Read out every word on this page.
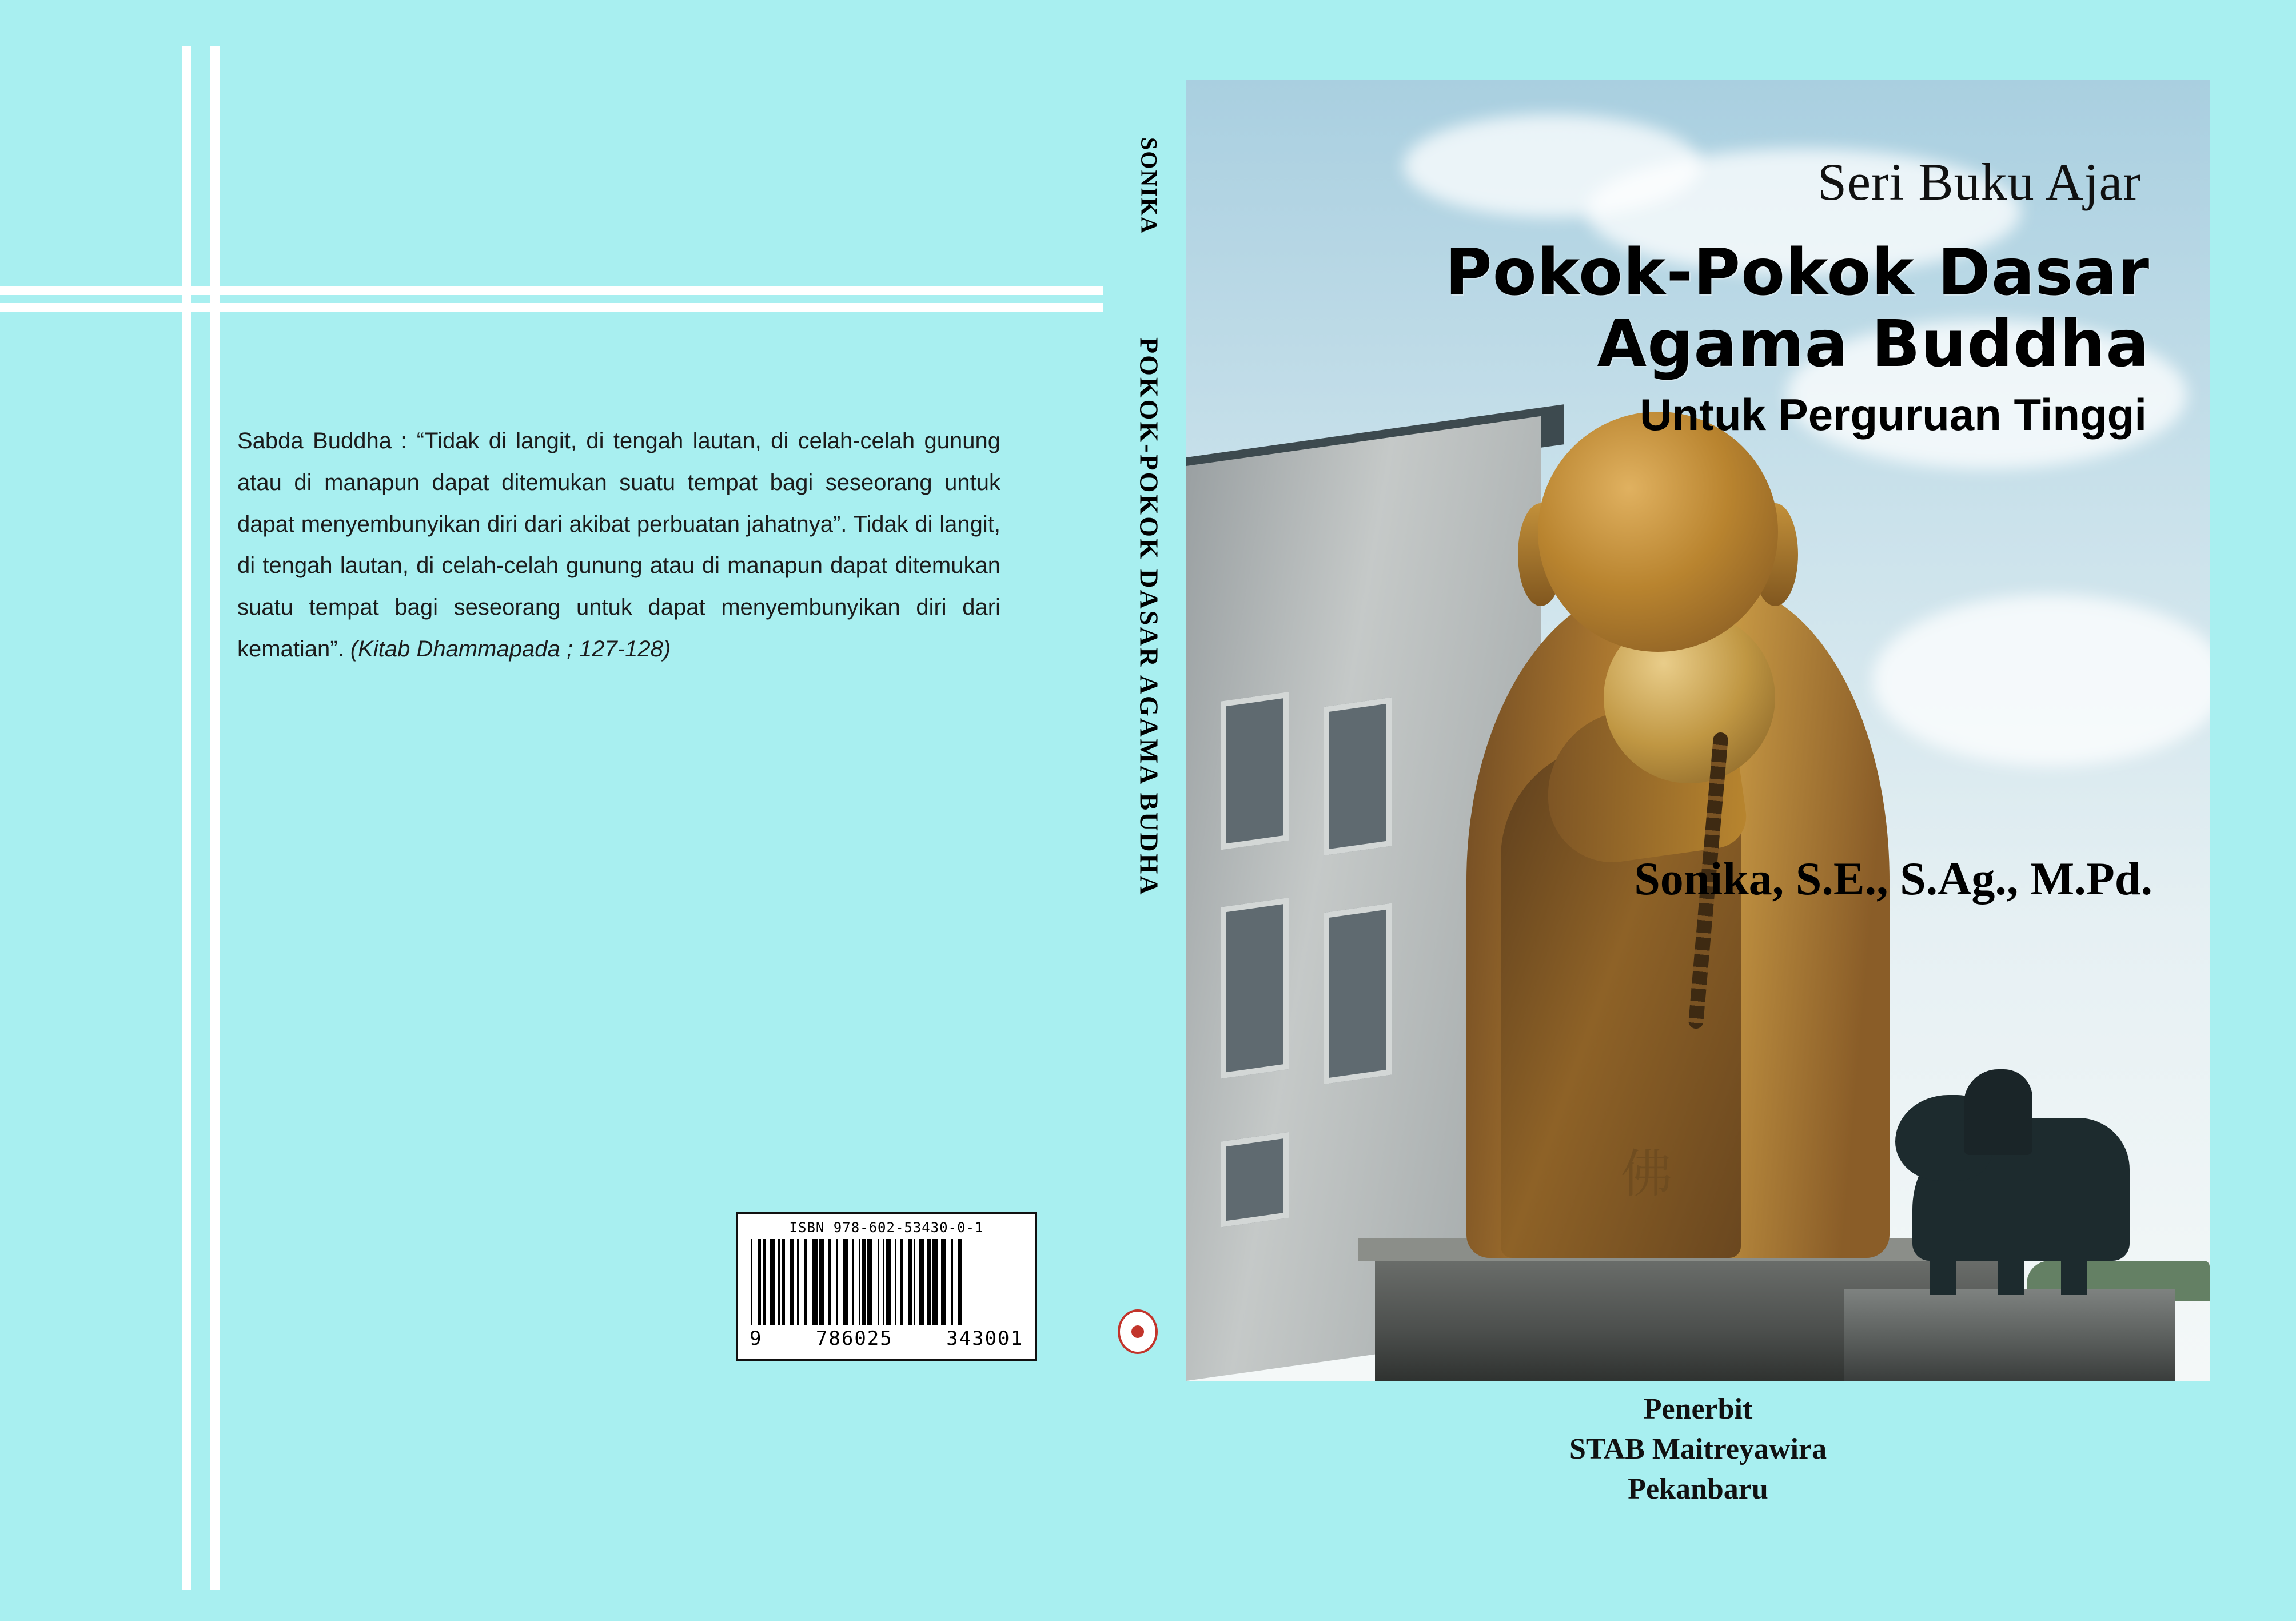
Sabda Buddha : “Tidak di langit, di tengah lautan, di celah-celah gunung atau di manapun dapat ditemukan suatu tempat bagi seseorang untuk dapat menyembunyikan diri dari akibat perbuatan jahatnya”. Tidak di langit, di tengah lautan, di celah-celah gunung atau di manapun dapat ditemukan suatu tempat bagi seseorang untuk dapat menyembunyikan diri dari kematian”. (Kitab Dhammapada ; 127-128)
ISBN 978-602-53430-0-1
9	786025	343001
SONIKA
POKOK-POKOK DASAR AGAMA BUDHA
佛
Seri Buku Ajar
Pokok-Pokok Dasar
Agama Buddha
Untuk Perguruan Tinggi
Sonika, S.E., S.Ag., M.Pd.
Penerbit
STAB Maitreyawira
Pekanbaru
